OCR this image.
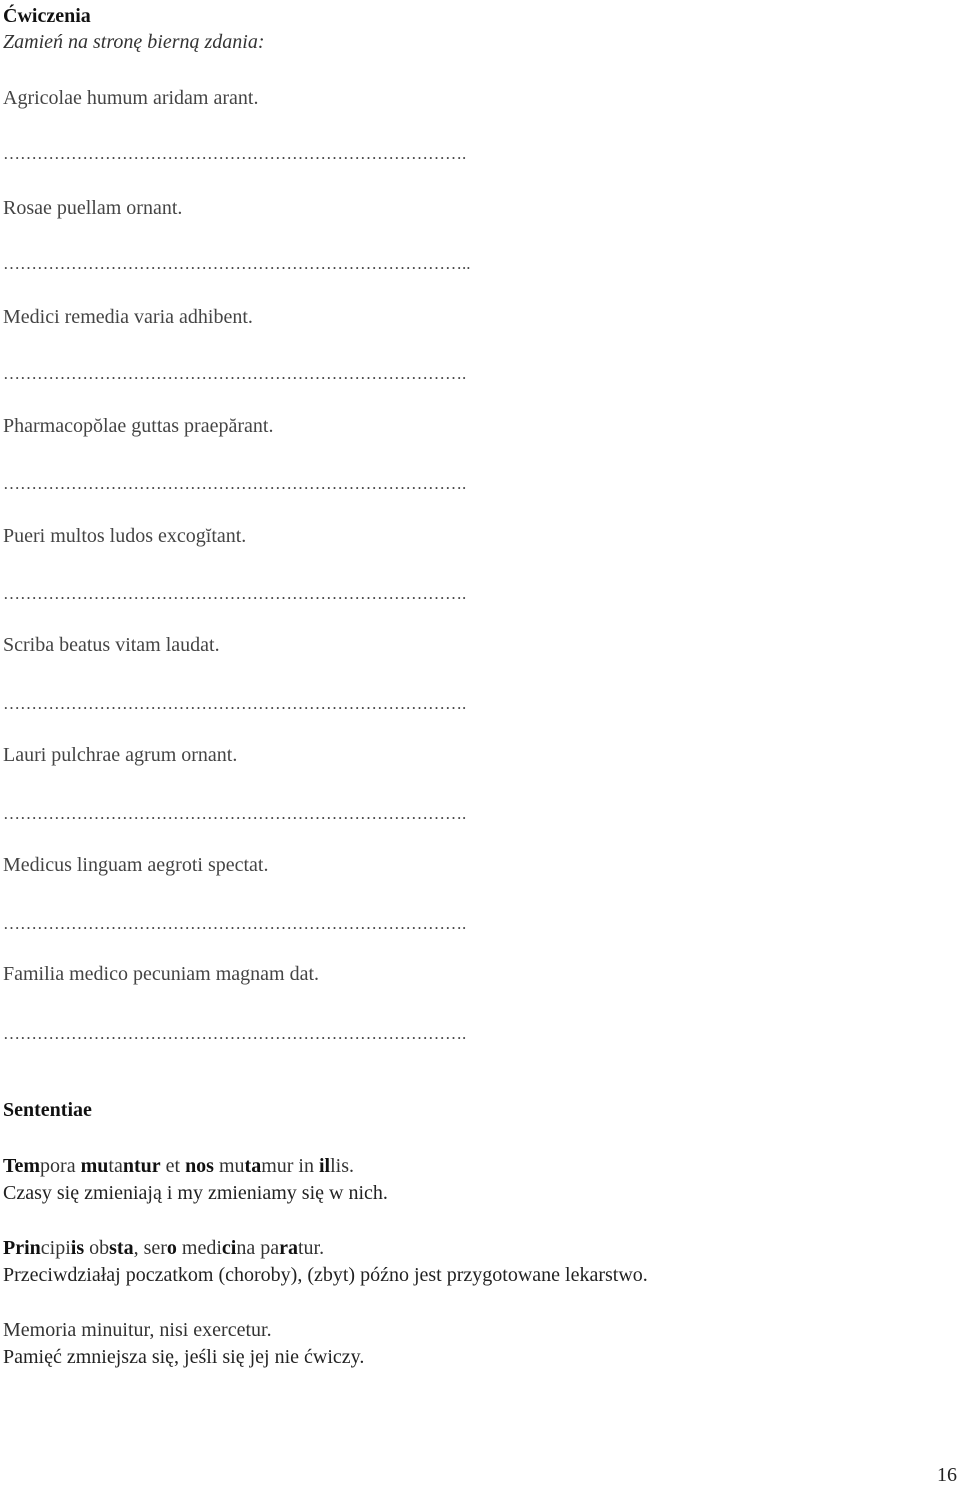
Ćwiczenia
Zamień na stronę bierną zdania:
Agricolae humum aridam arant.
……………………………………………………………………….
Rosae puellam ornant.
………………………………………………………………………..
Medici remedia varia adhibent.
……………………………………………………………………….
Pharmacopŏlae guttas praepărant.
……………………………………………………………………….
Pueri multos ludos excogĭtant.
……………………………………………………………………….
Scriba beatus vitam laudat.
……………………………………………………………………….
Lauri pulchrae agrum ornant.
……………………………………………………………………….
Medicus linguam aegroti spectat.
……………………………………………………………………….
Familia medico pecuniam magnam dat.
……………………………………………………………………….
Sententiae
Tempora mutantur et nos mutamur in illis.
Czasy się zmieniają i my zmieniamy się w nich.
Principiis obsta, sero medicina paratur.
Przeciwdziałaj poczatkom (choroby), (zbyt) późno jest przygotowane lekarstwo.
Memoria minuitur, nisi exercetur.
Pamięć zmniejsza się, jeśli się jej nie ćwiczy.
16
